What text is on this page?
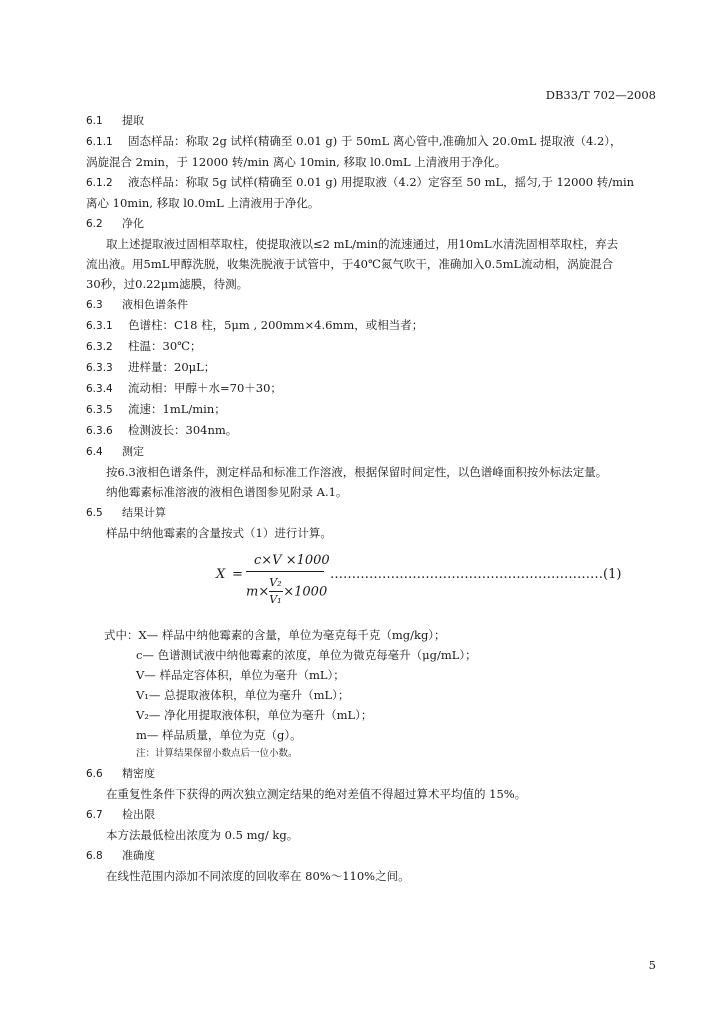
DB33/T 702—2008
6.1 提取
6.1.1 固态样品：称取 2g 试样(精确至 0.01 g) 于 50mL 离心管中,准确加入 20.0mL 提取液（4.2），
涡旋混合 2min，于 12000 转/min 离心 10min, 移取 l0.0mL 上清液用于净化。
6.1.2 液态样品：称取 5g 试样(精确至 0.01 g) 用提取液（4.2）定容至 50 mL，摇匀,于 12000 转/min
离心 10min, 移取 l0.0mL 上清液用于净化。
6.2 净化
取上述提取液过固相萃取柱，使提取液以≤2 mL/min的流速通过，用10mL水清洗固相萃取柱，弃去
流出液。用5mL甲醇洗脱，收集洗脱液于试管中，于40℃氮气吹干，准确加入0.5mL流动相，涡旋混合
30秒，过0.22μm滤膜，待测。
6.3 液相色谱条件
6.3.1 色谱柱：C18 柱，5μm , 200mm×4.6mm，或相当者；
6.3.2 柱温：30℃；
6.3.3 进样量：20μL；
6.3.4 流动相：甲醇＋水=70＋30；
6.3.5 流速：1mL/min；
6.3.6 检测波长：304nm。
6.4 测定
按6.3液相色谱条件，测定样品和标准工作溶液，根据保留时间定性，以色谱峰面积按外标法定量。
纳他霉素标准溶液的液相色谱图参见附录 A.1。
6.5 结果计算
样品中纳他霉素的含量按式（1）进行计算。
X =
c×V ×1000
$m\times \frac{\text{V₂}}{\text{V₁}} \times 1000$
………………………………………………………(1)
式中：X— 样品中纳他霉素的含量，单位为毫克每千克（mg/kg）；
c— 色谱测试液中纳他霉素的浓度，单位为微克每毫升（μg/mL）；
V— 样品定容体积，单位为毫升（mL）；
V₁— 总提取液体积，单位为毫升（mL）；
V₂— 净化用提取液体积，单位为毫升（mL）；
m— 样品质量，单位为克（g）。
注：计算结果保留小数点后一位小数。
6.6 精密度
在重复性条件下获得的两次独立测定结果的绝对差值不得超过算术平均值的 15%。
6.7 检出限
本方法最低检出浓度为 0.5 mg/ kg。
6.8 准确度
在线性范围内添加不同浓度的回收率在 80%～110%之间。
5
